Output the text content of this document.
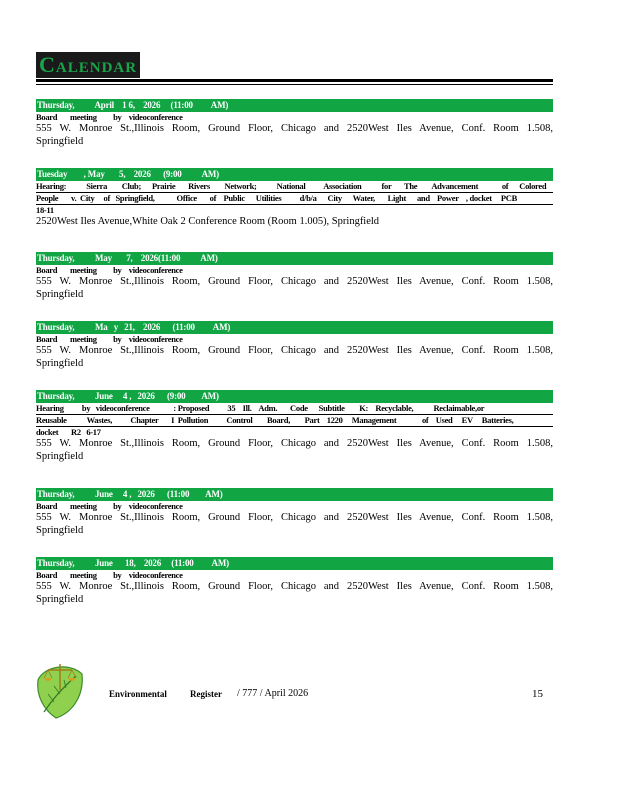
Calendar
Thursday,          April    1 6,    2026     (11:00         AM)
Board       meeting         by    videoconference
555 W. Monroe St.,Illinois Room, Ground Floor, Chicago and 2520West Iles Avenue, Conf. Room 1.508,
Springfield
Tuesday        , May       5,    2026      (9:00          AM)
Hearing:           Sierra        Club;      Prairie       Rivers        Network;           National          Association           for       The        Advancement             of      Colored
People       v.  City     of   Springfield,            Office       of    Public      Utilities          d/b/a      City      Water,       Light      and    Power    , docket     PCB
18-11
2520West Iles Avenue,White Oak 2 Conference Room (Room 1.005), Springfield
Thursday,          May       7,    2026(11:00          AM)
Board       meeting         by    videoconference
555 W. Monroe St.,Illinois Room, Ground Floor, Chicago and 2520West Iles Avenue, Conf. Room 1.508,
Springfield
Thursday,          Ma   y   21,    2026      (11:00         AM)
Board       meeting         by    videoconference
555 W. Monroe St.,Illinois Room, Ground Floor, Chicago and 2520West Iles Avenue, Conf. Room 1.508,
Springfield
Thursday,          June     4 ,   2026      (9:00        AM)
Hearing          by   videoconference             : Proposed          35    Ill.    Adm.       Code      Subtitle        K:    Recyclable,           Reclaimable,or
Reusable           Wastes,          Chapter       I  Pollution          Control        Board,        Part    1220     Management              of    Used     EV     Batteries,
docket       R2   6-17
555 W. Monroe St.,Illinois Room, Ground Floor, Chicago and 2520West Iles Avenue, Conf. Room 1.508,
Springfield
Thursday,          June     4 ,   2026      (11:00        AM)
Board       meeting         by    videoconference
555 W. Monroe St.,Illinois Room, Ground Floor, Chicago and 2520West Iles Avenue, Conf. Room 1.508,
Springfield
Thursday,          June      18,    2026     (11:00         AM)
Board       meeting         by    videoconference
555 W. Monroe St.,Illinois Room, Ground Floor, Chicago and 2520West Iles Avenue, Conf. Room 1.508,
Springfield
Environmental	Register / 777 / April 2026	15
